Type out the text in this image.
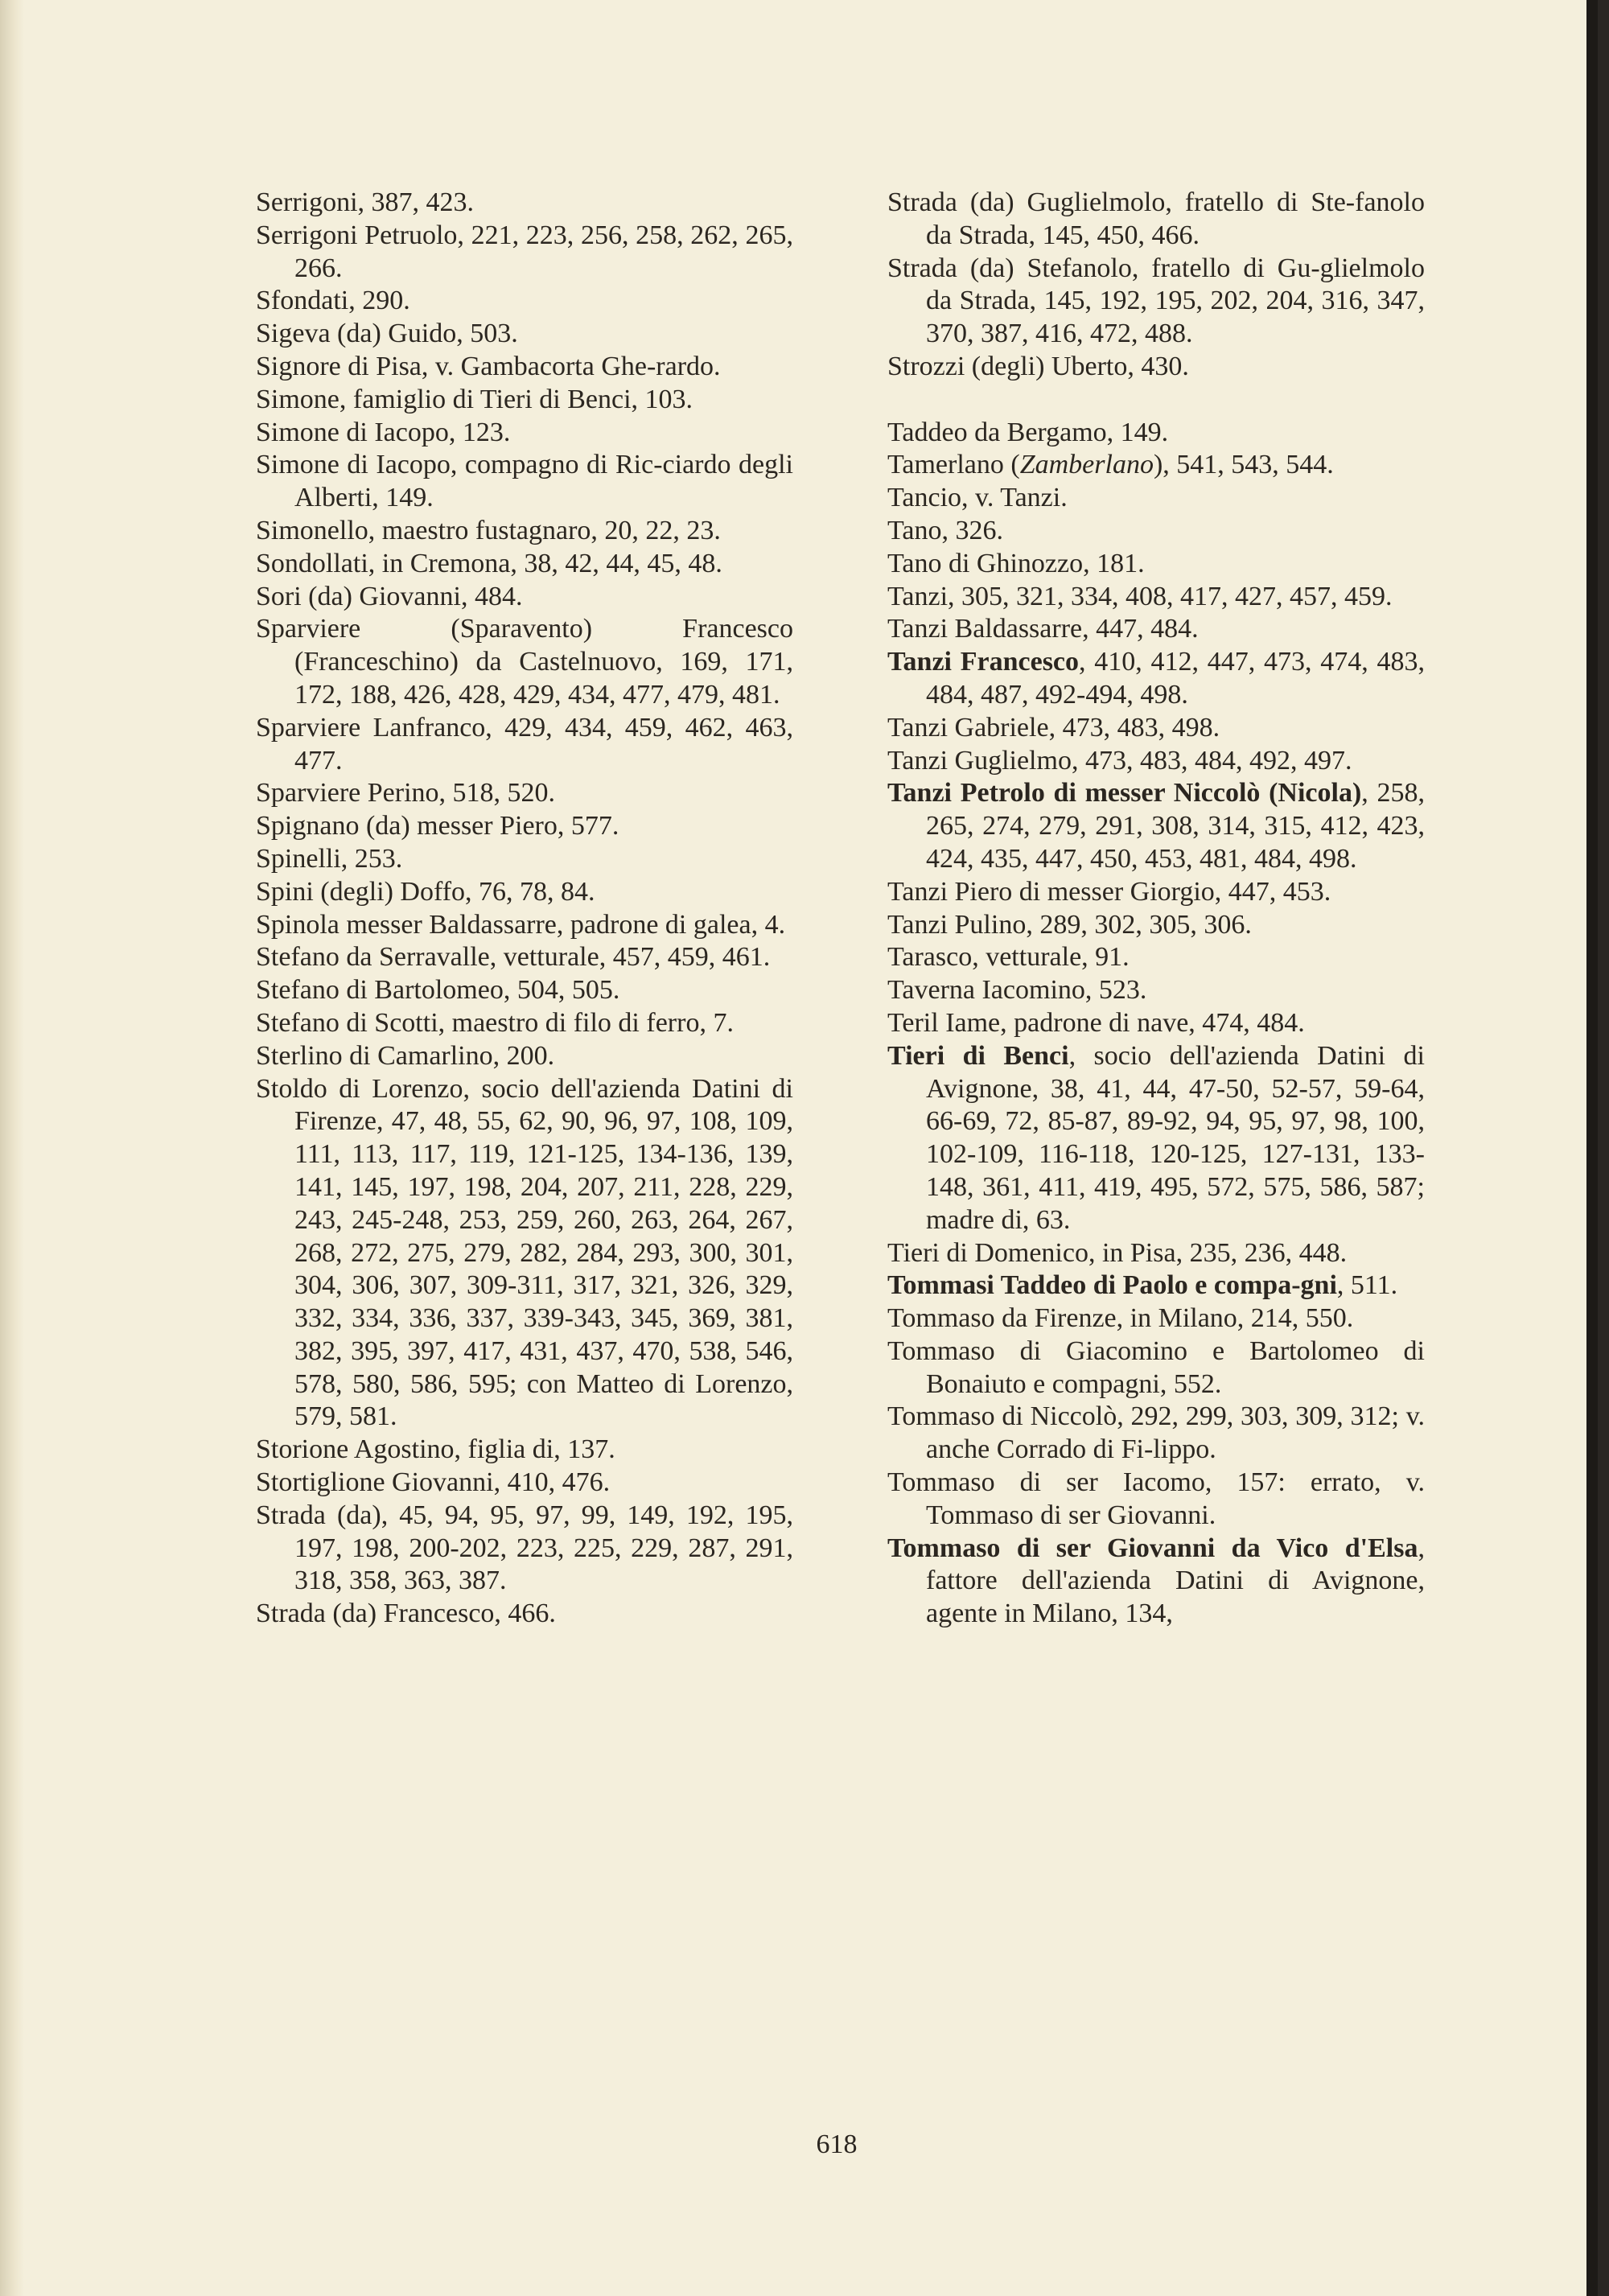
Serrigoni, 387, 423.
Serrigoni Petruolo, 221, 223, 256, 258, 262, 265, 266.
Sfondati, 290.
Sigeva (da) Guido, 503.
Signore di Pisa, v. Gambacorta Ghe-rardo.
Simone, famiglio di Tieri di Benci, 103.
Simone di Iacopo, 123.
Simone di Iacopo, compagno di Ric-ciardo degli Alberti, 149.
Simonello, maestro fustagnaro, 20, 22, 23.
Sondollati, in Cremona, 38, 42, 44, 45, 48.
Sori (da) Giovanni, 484.
Sparviere (Sparavento) Francesco (Franceschino) da Castelnuovo, 169, 171, 172, 188, 426, 428, 429, 434, 477, 479, 481.
Sparviere Lanfranco, 429, 434, 459, 462, 463, 477.
Sparviere Perino, 518, 520.
Spignano (da) messer Piero, 577.
Spinelli, 253.
Spini (degli) Doffo, 76, 78, 84.
Spinola messer Baldassarre, padrone di galea, 4.
Stefano da Serravalle, vetturale, 457, 459, 461.
Stefano di Bartolomeo, 504, 505.
Stefano di Scotti, maestro di filo di ferro, 7.
Sterlino di Camarlino, 200.
Stoldo di Lorenzo, socio dell'azienda Datini di Firenze, 47, 48, 55, 62, 90, 96, 97, 108, 109, 111, 113, 117, 119, 121-125, 134-136, 139, 141, 145, 197, 198, 204, 207, 211, 228, 229, 243, 245-248, 253, 259, 260, 263, 264, 267, 268, 272, 275, 279, 282, 284, 293, 300, 301, 304, 306, 307, 309-311, 317, 321, 326, 329, 332, 334, 336, 337, 339-343, 345, 369, 381, 382, 395, 397, 417, 431, 437, 470, 538, 546, 578, 580, 586, 595; con Matteo di Lorenzo, 579, 581.
Storione Agostino, figlia di, 137.
Stortiglione Giovanni, 410, 476.
Strada (da), 45, 94, 95, 97, 99, 149, 192, 195, 197, 198, 200-202, 223, 225, 229, 287, 291, 318, 358, 363, 387.
Strada (da) Francesco, 466.
Strada (da) Guglielmolo, fratello di Ste-fanolo da Strada, 145, 450, 466.
Strada (da) Stefanolo, fratello di Gu-glielmolo da Strada, 145, 192, 195, 202, 204, 316, 347, 370, 387, 416, 472, 488.
Strozzi (degli) Uberto, 430.
Taddeo da Bergamo, 149.
Tamerlano (Zamberlano), 541, 543, 544.
Tancio, v. Tanzi.
Tano, 326.
Tano di Ghinozzo, 181.
Tanzi, 305, 321, 334, 408, 417, 427, 457, 459.
Tanzi Baldassarre, 447, 484.
Tanzi Francesco, 410, 412, 447, 473, 474, 483, 484, 487, 492-494, 498.
Tanzi Gabriele, 473, 483, 498.
Tanzi Guglielmo, 473, 483, 484, 492, 497.
Tanzi Petrolo di messer Niccolò (Nicola), 258, 265, 274, 279, 291, 308, 314, 315, 412, 423, 424, 435, 447, 450, 453, 481, 484, 498.
Tanzi Piero di messer Giorgio, 447, 453.
Tanzi Pulino, 289, 302, 305, 306.
Tarasco, vetturale, 91.
Taverna Iacomino, 523.
Teril Iame, padrone di nave, 474, 484.
Tieri di Benci, socio dell'azienda Datini di Avignone, 38, 41, 44, 47-50, 52-57, 59-64, 66-69, 72, 85-87, 89-92, 94, 95, 97, 98, 100, 102-109, 116-118, 120-125, 127-131, 133-148, 361, 411, 419, 495, 572, 575, 586, 587; madre di, 63.
Tieri di Domenico, in Pisa, 235, 236, 448.
Tommasi Taddeo di Paolo e compa-gni, 511.
Tommaso da Firenze, in Milano, 214, 550.
Tommaso di Giacomino e Bartolomeo di Bonaiuto e compagni, 552.
Tommaso di Niccolò, 292, 299, 303, 309, 312; v. anche Corrado di Fi-lippo.
Tommaso di ser Iacomo, 157: errato, v. Tommaso di ser Giovanni.
Tommaso di ser Giovanni da Vico d'Elsa, fattore dell'azienda Datini di Avignone, agente in Milano, 134,
618
